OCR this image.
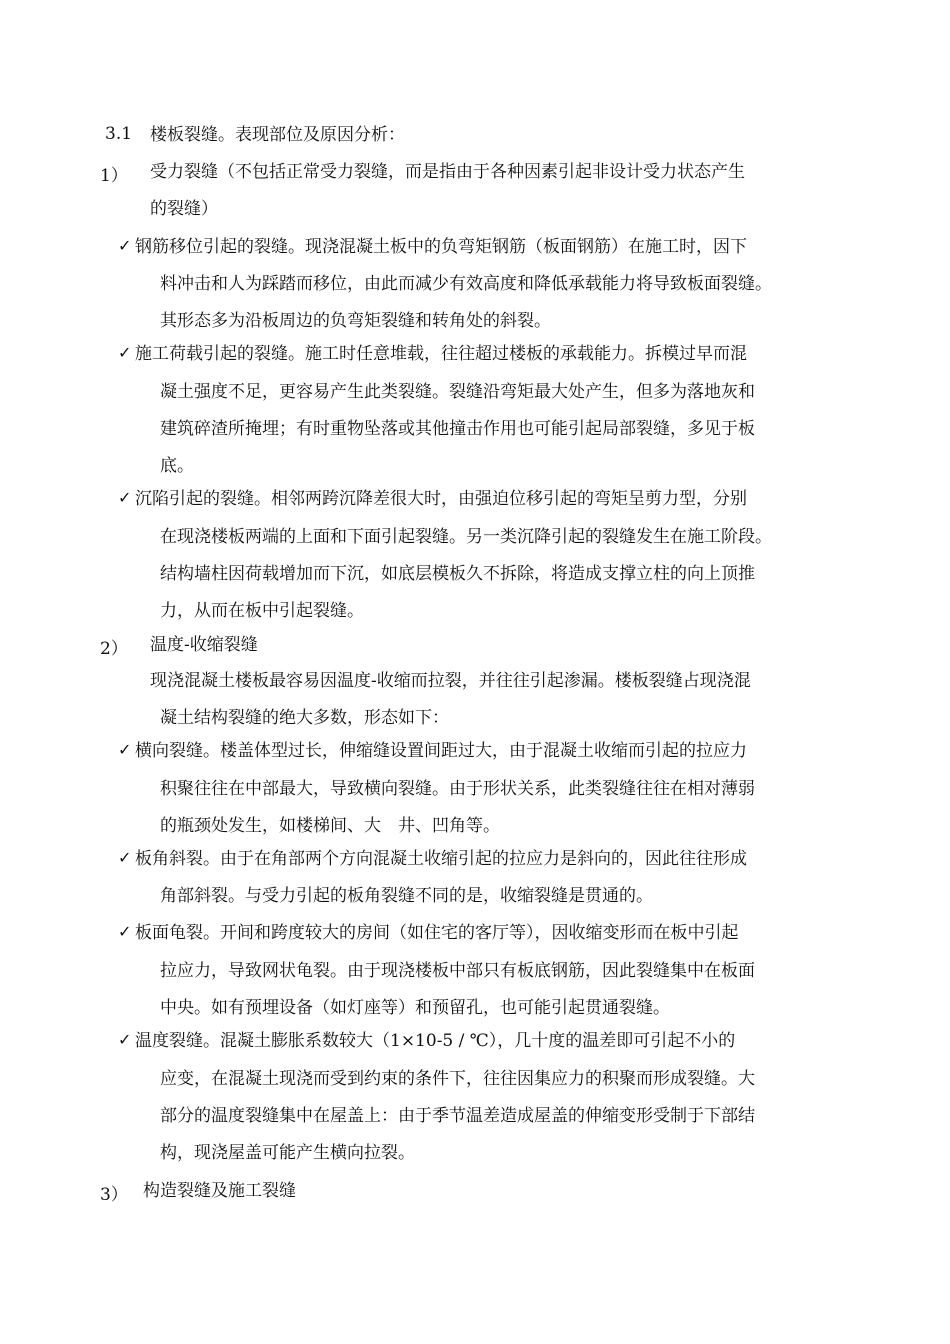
3.1 楼板裂缝。表现部位及原因分析：
1） 受力裂缝（不包括正常受力裂缝，而是指由于各种因素引起非设计受力状态产生
的裂缝）
✓ 钢筋移位引起的裂缝。现浇混凝土板中的负弯矩钢筋（板面钢筋）在施工时，因下
料冲击和人为踩踏而移位，由此而减少有效高度和降低承载能力将导致板面裂缝。
其形态多为沿板周边的负弯矩裂缝和转角处的斜裂。
✓ 施工荷载引起的裂缝。施工时任意堆载，往往超过楼板的承载能力。拆模过早而混
凝土强度不足，更容易产生此类裂缝。裂缝沿弯矩最大处产生，但多为落地灰和
建筑碎渣所掩埋；有时重物坠落或其他撞击作用也可能引起局部裂缝，多见于板
底。
✓ 沉陷引起的裂缝。相邻两跨沉降差很大时，由强迫位移引起的弯矩呈剪力型，分别
在现浇楼板两端的上面和下面引起裂缝。另一类沉降引起的裂缝发生在施工阶段。
结构墙柱因荷载增加而下沉，如底层模板久不拆除，将造成支撑立柱的向上顶推
力，从而在板中引起裂缝。
2） 温度-收缩裂缝
现浇混凝土楼板最容易因温度-收缩而拉裂，并往往引起渗漏。楼板裂缝占现浇混
凝土结构裂缝的绝大多数，形态如下：
✓ 横向裂缝。楼盖体型过长，伸缩缝设置间距过大，由于混凝土收缩而引起的拉应力
积聚往往在中部最大，导致横向裂缝。由于形状关系，此类裂缝往往在相对薄弱
的瓶颈处发生，如楼梯间、大　井、凹角等。
✓ 板角斜裂。由于在角部两个方向混凝土收缩引起的拉应力是斜向的，因此往往形成
角部斜裂。与受力引起的板角裂缝不同的是，收缩裂缝是贯通的。
✓ 板面龟裂。开间和跨度较大的房间（如住宅的客厅等），因收缩变形而在板中引起
拉应力，导致网状龟裂。由于现浇楼板中部只有板底钢筋，因此裂缝集中在板面
中央。如有预埋设备（如灯座等）和预留孔，也可能引起贯通裂缝。
✓ 温度裂缝。混凝土膨胀系数较大（1×10-5 / ℃），几十度的温差即可引起不小的
应变，在混凝土现浇而受到约束的条件下，往往因集应力的积聚而形成裂缝。大
部分的温度裂缝集中在屋盖上：由于季节温差造成屋盖的伸缩变形受制于下部结
构，现浇屋盖可能产生横向拉裂。
3） 构造裂缝及施工裂缝
